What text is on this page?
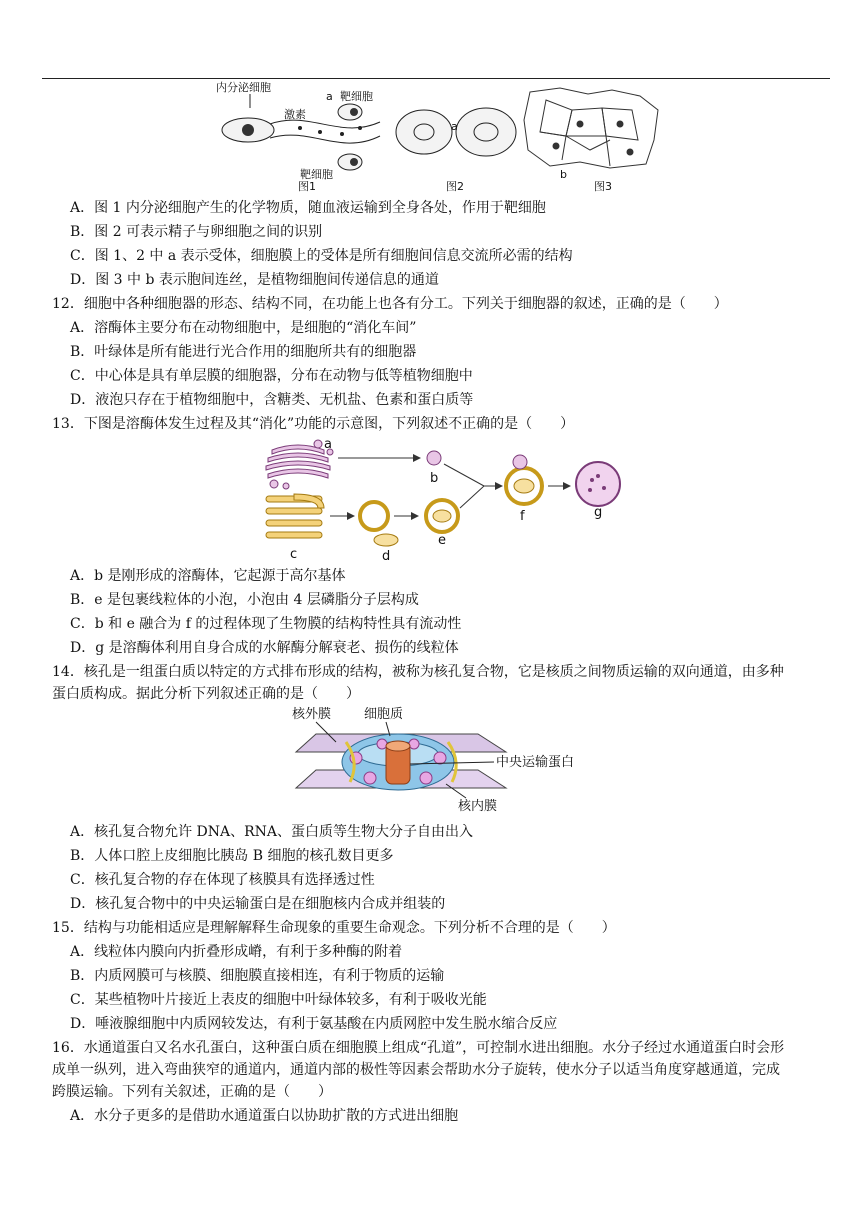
内分泌细胞
激素
a 靶细胞
靶细胞
图1
a
图2
b
图3
A．图 1 内分泌细胞产生的化学物质，随血液运输到全身各处，作用于靶细胞
B．图 2 可表示精子与卵细胞之间的识别
C．图 1、2 中 a 表示受体，细胞膜上的受体是所有细胞间信息交流所必需的结构
D．图 3 中 b 表示胞间连丝，是植物细胞间传递信息的通道
12．细胞中各种细胞器的形态、结构不同，在功能上也各有分工。下列关于细胞器的叙述，正确的是（　　）
A．溶酶体主要分布在动物细胞中，是细胞的“消化车间”
B．叶绿体是所有能进行光合作用的细胞所共有的细胞器
C．中心体是具有单层膜的细胞器，分布在动物与低等植物细胞中
D．液泡只存在于植物细胞中，含糖类、无机盐、色素和蛋白质等
13．下图是溶酶体发生过程及其“消化”功能的示意图，下列叙述不正确的是（　　）
a
b
c	d
e
f	g
A．b 是刚形成的溶酶体，它起源于高尔基体
B．e 是包裹线粒体的小泡，小泡由 4 层磷脂分子层构成
C．b 和 e 融合为 f 的过程体现了生物膜的结构特性具有流动性
D．g 是溶酶体利用自身合成的水解酶分解衰老、损伤的线粒体
14．核孔是一组蛋白质以特定的方式排布形成的结构，被称为核孔复合物，它是核质之间物质运输的双向通道，由多种
蛋白质构成。据此分析下列叙述正确的是（　　）
核外膜	细胞质
中央运输蛋白
核内膜
A．核孔复合物允许 DNA、RNA、蛋白质等生物大分子自由出入
B．人体口腔上皮细胞比胰岛 B 细胞的核孔数目更多
C．核孔复合物的存在体现了核膜具有选择透过性
D．核孔复合物中的中央运输蛋白是在细胞核内合成并组装的
15．结构与功能相适应是理解解释生命现象的重要生命观念。下列分析不合理的是（　　）
A．线粒体内膜向内折叠形成嵴，有利于多种酶的附着
B．内质网膜可与核膜、细胞膜直接相连，有利于物质的运输
C．某些植物叶片接近上表皮的细胞中叶绿体较多，有利于吸收光能
D．唾液腺细胞中内质网较发达，有利于氨基酸在内质网腔中发生脱水缩合反应
16．水通道蛋白又名水孔蛋白，这种蛋白质在细胞膜上组成“孔道”，可控制水进出细胞。水分子经过水通道蛋白时会形
成单一纵列，进入弯曲狭窄的通道内，通道内部的极性等因素会帮助水分子旋转，使水分子以适当角度穿越通道，完成
跨膜运输。下列有关叙述，正确的是（　　）
A．水分子更多的是借助水通道蛋白以协助扩散的方式进出细胞
